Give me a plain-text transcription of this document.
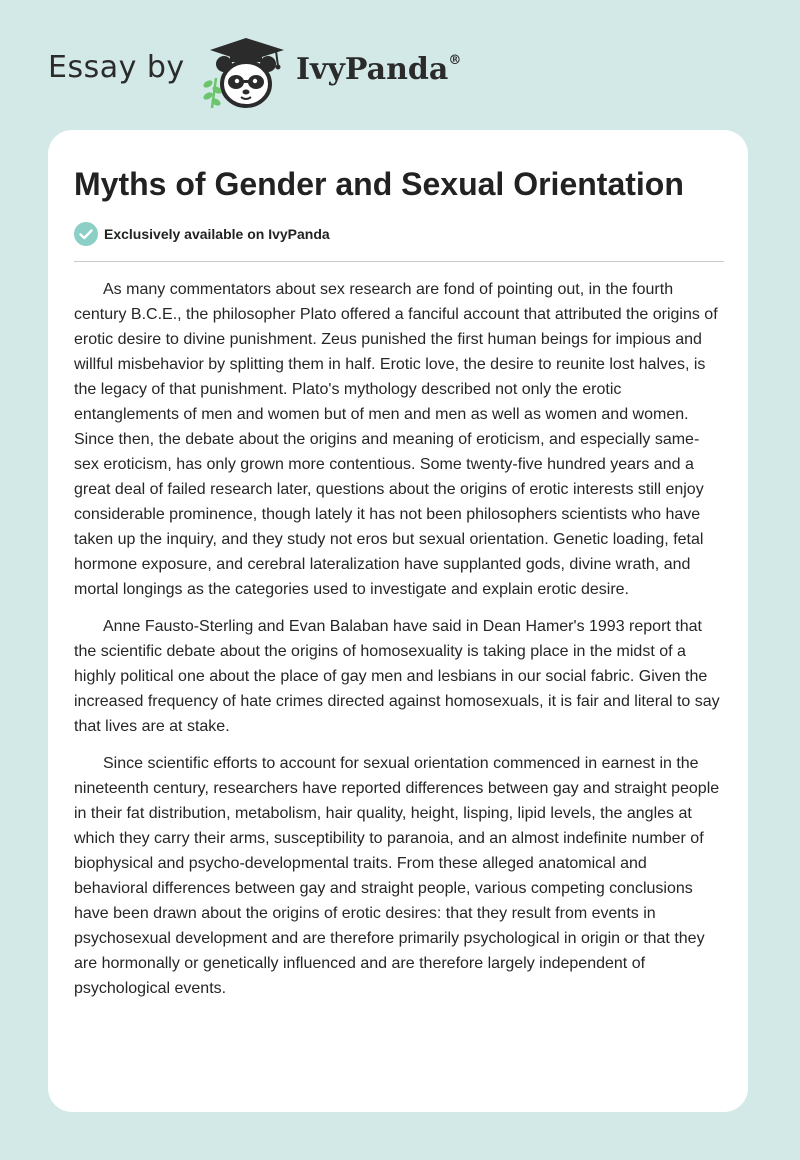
Essay by	IvyPanda®
Myths of Gender and Sexual Orientation
Exclusively available on IvyPanda

As many commentators about sex research are fond of pointing out, in the fourth century B.C.E., the philosopher Plato offered a fanciful account that attributed the origins of erotic desire to divine punishment. Zeus punished the first human beings for impious and willful misbehavior by splitting them in half. Erotic love, the desire to reunite lost halves, is the legacy of that punishment. Plato's mythology described not only the erotic entanglements of men and women but of men and men as well as women and women. Since then, the debate about the origins and meaning of eroticism, and especially same-sex eroticism, has only grown more contentious. Some twenty-five hundred years and a great deal of failed research later, questions about the origins of erotic interests still enjoy considerable prominence, though lately it has not been philosophers scientists who have taken up the inquiry, and they study not eros but sexual orientation. Genetic loading, fetal hormone exposure, and cerebral lateralization have supplanted gods, divine wrath, and mortal longings as the categories used to investigate and explain erotic desire.

Anne Fausto-Sterling and Evan Balaban have said in Dean Hamer's 1993 report that the scientific debate about the origins of homosexuality is taking place in the midst of a highly political one about the place of gay men and lesbians in our social fabric. Given the increased frequency of hate crimes directed against homosexuals, it is fair and literal to say that lives are at stake.

Since scientific efforts to account for sexual orientation commenced in earnest in the nineteenth century, researchers have reported differences between gay and straight people in their fat distribution, metabolism, hair quality, height, lisping, lipid levels, the angles at which they carry their arms, susceptibility to paranoia, and an almost indefinite number of biophysical and psycho-developmental traits. From these alleged anatomical and behavioral differences between gay and straight people, various competing conclusions have been drawn about the origins of erotic desires: that they result from events in psychosexual development and are therefore primarily psychological in origin or that they are hormonally or genetically influenced and are therefore largely independent of psychological events.
